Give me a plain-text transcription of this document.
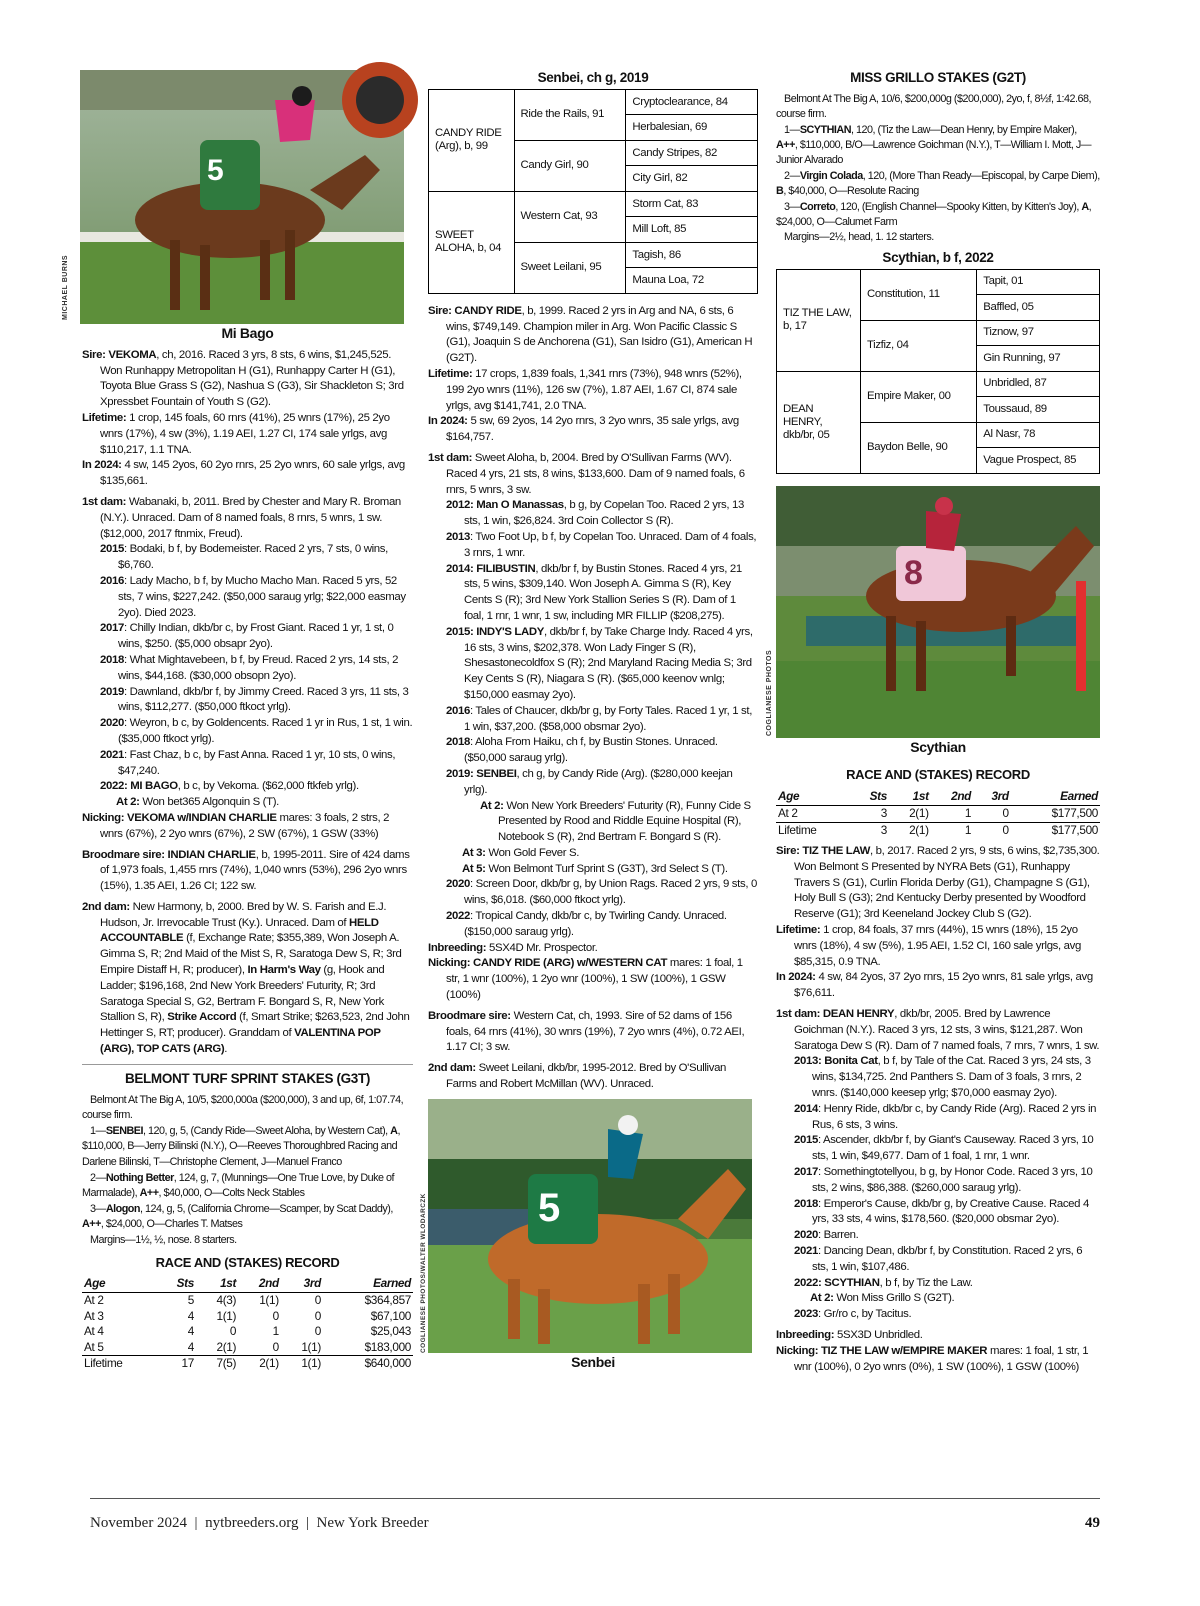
5
MICHAEL BURNS
Mi Bago

Sire: VEKOMA, ch, 2016. Raced 3 yrs, 8 sts, 6 wins, $1,245,525. Won Runhappy Metropolitan H (G1), Runhappy Carter H (G1), Toyota Blue Grass S (G2), Nashua S (G3), Sir Shackleton S; 3rd Xpressbet Fountain of Youth S (G2).

Lifetime: 1 crop, 145 foals, 60 rnrs (41%), 25 wnrs (17%), 25 2yo wnrs (17%), 4 sw (3%), 1.19 AEI, 1.27 CI, 174 sale yrlgs, avg $110,217, 1.1 TNA.

In 2024: 4 sw, 145 2yos, 60 2yo rnrs, 25 2yo wnrs, 60 sale yrlgs, avg $135,661.

1st dam: Wabanaki, b, 2011. Bred by Chester and Mary R. Broman (N.Y.). Unraced. Dam of 8 named foals, 8 rnrs, 5 wnrs, 1 sw. ($12,000, 2017 ftnmix, Freud).

2015: Bodaki, b f, by Bodemeister. Raced 2 yrs, 7 sts, 0 wins, $6,760.

2016: Lady Macho, b f, by Mucho Macho Man. Raced 5 yrs, 52 sts, 7 wins, $227,242. ($50,000 saraug yrlg; $22,000 easmay 2yo). Died 2023.

2017: Chilly Indian, dkb/br c, by Frost Giant. Raced 1 yr, 1 st, 0 wins, $250. ($5,000 obsapr 2yo).

2018: What Mightavebeen, b f, by Freud. Raced 2 yrs, 14 sts, 2 wins, $44,168. ($30,000 obsopn 2yo).

2019: Dawnland, dkb/br f, by Jimmy Creed. Raced 3 yrs, 11 sts, 3 wins, $112,277. ($50,000 ftkoct yrlg).

2020: Weyron, b c, by Goldencents. Raced 1 yr in Rus, 1 st, 1 win. ($35,000 ftkoct yrlg).

2021: Fast Chaz, b c, by Fast Anna. Raced 1 yr, 10 sts, 0 wins, $47,240.

2022: MI BAGO, b c, by Vekoma. ($62,000 ftkfeb yrlg).

At 2: Won bet365 Algonquin S (T).

Nicking: VEKOMA w/INDIAN CHARLIE mares: 3 foals, 2 strs, 2 wnrs (67%), 2 2yo wnrs (67%), 2 SW (67%), 1 GSW (33%)

Broodmare sire: INDIAN CHARLIE, b, 1995-2011. Sire of 424 dams of 1,973 foals, 1,455 rnrs (74%), 1,040 wnrs (53%), 296 2yo wnrs (15%), 1.35 AEI, 1.26 CI; 122 sw.

2nd dam: New Harmony, b, 2000. Bred by W. S. Farish and E.J. Hudson, Jr. Irrevocable Trust (Ky.). Unraced. Dam of HELD ACCOUNTABLE (f, Exchange Rate; $355,389, Won Joseph A. Gimma S, R; 2nd Maid of the Mist S, R, Saratoga Dew S, R; 3rd Empire Distaff H, R; producer), In Harm's Way (g, Hook and Ladder; $196,168, 2nd New York Breeders' Futurity, R; 3rd Saratoga Special S, G2, Bertram F. Bongard S, R, New York Stallion S, R), Strike Accord (f, Smart Strike; $263,523, 2nd John Hettinger S, RT; producer). Granddam of VALENTINA POP (ARG), TOP CATS (ARG).

BELMONT TURF SPRINT STAKES (G3T)

Belmont At The Big A, 10/5, $200,000a ($200,000), 3 and up, 6f, 1:07.74, course firm.

1—SENBEI, 120, g, 5, (Candy Ride—Sweet Aloha, by Western Cat), A, $110,000, B—Jerry Bilinski (N.Y.), O—Reeves Thoroughbred Racing and Darlene Bilinski, T—Christophe Clement, J—Manuel Franco

2—Nothing Better, 124, g, 7, (Munnings—One True Love, by Duke of Marmalade), A++, $40,000, O—Colts Neck Stables

3—Alogon, 124, g, 5, (California Chrome—Scamper, by Scat Daddy), A++, $24,000, O—Charles T. Matses

Margins—1½, ½, nose. 8 starters.

RACE AND (STAKES) RECORD
Age	Sts	1st	2nd	3rd	Earned
At 2	5	4(3)	1(1)	0	$364,857
At 3	4	1(1)	0	0	$67,100
At 4	4	0	1	0	$25,043
At 5	4	2(1)	0	1(1)	$183,000
Lifetime	17	7(5)	2(1)	1(1)	$640,000
Senbei, ch g, 2019
CANDY RIDE (Arg), b, 99	Ride the Rails, 91	Cryptoclearance, 84
		Herbalesian, 69
	Candy Girl, 90	Candy Stripes, 82
		City Girl, 82
SWEET ALOHA, b, 04	Western Cat, 93	Storm Cat, 83
		Mill Loft, 85
	Sweet Leilani, 95	Tagish, 86
		Mauna Loa, 72

Sire: CANDY RIDE, b, 1999. Raced 2 yrs in Arg and NA, 6 sts, 6 wins, $749,149. Champion miler in Arg. Won Pacific Classic S (G1), Joaquin S de Anchorena (G1), San Isidro (G1), American H (G2T).

Lifetime: 17 crops, 1,839 foals, 1,341 rnrs (73%), 948 wnrs (52%), 199 2yo wnrs (11%), 126 sw (7%), 1.87 AEI, 1.67 CI, 874 sale yrlgs, avg $141,741, 2.0 TNA.

In 2024: 5 sw, 69 2yos, 14 2yo rnrs, 3 2yo wnrs, 35 sale yrlgs, avg $164,757.

1st dam: Sweet Aloha, b, 2004. Bred by O'Sullivan Farms (WV). Raced 4 yrs, 21 sts, 8 wins, $133,600. Dam of 9 named foals, 6 rnrs, 5 wnrs, 3 sw.

2012: Man O Manassas, b g, by Copelan Too. Raced 2 yrs, 13 sts, 1 win, $26,824. 3rd Coin Collector S (R).

2013: Two Foot Up, b f, by Copelan Too. Unraced. Dam of 4 foals, 3 rnrs, 1 wnr.

2014: FILIBUSTIN, dkb/br f, by Bustin Stones. Raced 4 yrs, 21 sts, 5 wins, $309,140. Won Joseph A. Gimma S (R), Key Cents S (R); 3rd New York Stallion Series S (R). Dam of 1 foal, 1 rnr, 1 wnr, 1 sw, including MR FILLIP ($208,275).

2015: INDY'S LADY, dkb/br f, by Take Charge Indy. Raced 4 yrs, 16 sts, 3 wins, $202,378. Won Lady Finger S (R), Shesastonecoldfox S (R); 2nd Maryland Racing Media S; 3rd Key Cents S (R), Niagara S (R). ($65,000 keenov wnlg; $150,000 easmay 2yo).

2016: Tales of Chaucer, dkb/br g, by Forty Tales. Raced 1 yr, 1 st, 1 win, $37,200. ($58,000 obsmar 2yo).

2018: Aloha From Haiku, ch f, by Bustin Stones. Unraced. ($50,000 saraug yrlg).

2019: SENBEI, ch g, by Candy Ride (Arg). ($280,000 keejan yrlg).

At 2: Won New York Breeders' Futurity (R), Funny Cide S Presented by Rood and Riddle Equine Hospital (R), Notebook S (R), 2nd Bertram F. Bongard S (R).

At 3: Won Gold Fever S.

At 5: Won Belmont Turf Sprint S (G3T), 3rd Select S (T).

2020: Screen Door, dkb/br g, by Union Rags. Raced 2 yrs, 9 sts, 0 wins, $6,018. ($60,000 ftkoct yrlg).

2022: Tropical Candy, dkb/br c, by Twirling Candy. Unraced. ($150,000 saraug yrlg).

Inbreeding: 5SX4D Mr. Prospector.

Nicking: CANDY RIDE (ARG) w/WESTERN CAT mares: 1 foal, 1 str, 1 wnr (100%), 1 2yo wnr (100%), 1 SW (100%), 1 GSW (100%)

Broodmare sire: Western Cat, ch, 1993. Sire of 52 dams of 156 foals, 64 rnrs (41%), 30 wnrs (19%), 7 2yo wnrs (4%), 0.72 AEI, 1.17 CI; 3 sw.

2nd dam: Sweet Leilani, dkb/br, 1995-2012. Bred by O'Sullivan Farms and Robert McMillan (WV). Unraced.

5
COGLIANESE PHOTOS/WALTER WLODARCZK
Senbei
MISS GRILLO STAKES (G2T)

Belmont At The Big A, 10/6, $200,000g ($200,000), 2yo, f, 8½f, 1:42.68, course firm.

1—SCYTHIAN, 120, (Tiz the Law—Dean Henry, by Empire Maker), A++, $110,000, B/O—Lawrence Goichman (N.Y.), T—William I. Mott, J—Junior Alvarado

2—Virgin Colada, 120, (More Than Ready—Episcopal, by Carpe Diem), B, $40,000, O—Resolute Racing

3—Correto, 120, (English Channel—Spooky Kitten, by Kitten's Joy), A, $24,000, O—Calumet Farm

Margins—2½, head, 1. 12 starters.

Scythian, b f, 2022
TIZ THE LAW, b, 17	Constitution, 11	Tapit, 01
		Baffled, 05
	Tizfiz, 04	Tiznow, 97
		Gin Running, 97
DEAN HENRY, dkb/br, 05	Empire Maker, 00	Unbridled, 87
		Toussaud, 89
	Baydon Belle, 90	Al Nasr, 78
		Vague Prospect, 85
8
COGLIANESE PHOTOS
Scythian
RACE AND (STAKES) RECORD
Age	Sts	1st	2nd	3rd	Earned
At 2	3	2(1)	1	0	$177,500
Lifetime	3	2(1)	1	0	$177,500

Sire: TIZ THE LAW, b, 2017. Raced 2 yrs, 9 sts, 6 wins, $2,735,300. Won Belmont S Presented by NYRA Bets (G1), Runhappy Travers S (G1), Curlin Florida Derby (G1), Champagne S (G1), Holy Bull S (G3); 2nd Kentucky Derby presented by Woodford Reserve (G1); 3rd Keeneland Jockey Club S (G2).

Lifetime: 1 crop, 84 foals, 37 rnrs (44%), 15 wnrs (18%), 15 2yo wnrs (18%), 4 sw (5%), 1.95 AEI, 1.52 CI, 160 sale yrlgs, avg $85,315, 0.9 TNA.

In 2024: 4 sw, 84 2yos, 37 2yo rnrs, 15 2yo wnrs, 81 sale yrlgs, avg $76,611.

1st dam: DEAN HENRY, dkb/br, 2005. Bred by Lawrence Goichman (N.Y.). Raced 3 yrs, 12 sts, 3 wins, $121,287. Won Saratoga Dew S (R). Dam of 7 named foals, 7 rnrs, 7 wnrs, 1 sw.

2013: Bonita Cat, b f, by Tale of the Cat. Raced 3 yrs, 24 sts, 3 wins, $134,725. 2nd Panthers S. Dam of 3 foals, 3 rnrs, 2 wnrs. ($140,000 keesep yrlg; $70,000 easmay 2yo).

2014: Henry Ride, dkb/br c, by Candy Ride (Arg). Raced 2 yrs in Rus, 6 sts, 3 wins.

2015: Ascender, dkb/br f, by Giant's Causeway. Raced 3 yrs, 10 sts, 1 win, $49,677. Dam of 1 foal, 1 rnr, 1 wnr.

2017: Somethingtotellyou, b g, by Honor Code. Raced 3 yrs, 10 sts, 2 wins, $86,388. ($260,000 saraug yrlg).

2018: Emperor's Cause, dkb/br g, by Creative Cause. Raced 4 yrs, 33 sts, 4 wins, $178,560. ($20,000 obsmar 2yo).

2020: Barren.

2021: Dancing Dean, dkb/br f, by Constitution. Raced 2 yrs, 6 sts, 1 win, $107,486.

2022: SCYTHIAN, b f, by Tiz the Law.

At 2: Won Miss Grillo S (G2T).

2023: Gr/ro c, by Tacitus.

Inbreeding: 5SX3D Unbridled.

Nicking: TIZ THE LAW w/EMPIRE MAKER mares: 1 foal, 1 str, 1 wnr (100%), 0 2yo wnrs (0%), 1 SW (100%), 1 GSW (100%)

November 2024  |  nytbreeders.org  |  New York Breeder	49
